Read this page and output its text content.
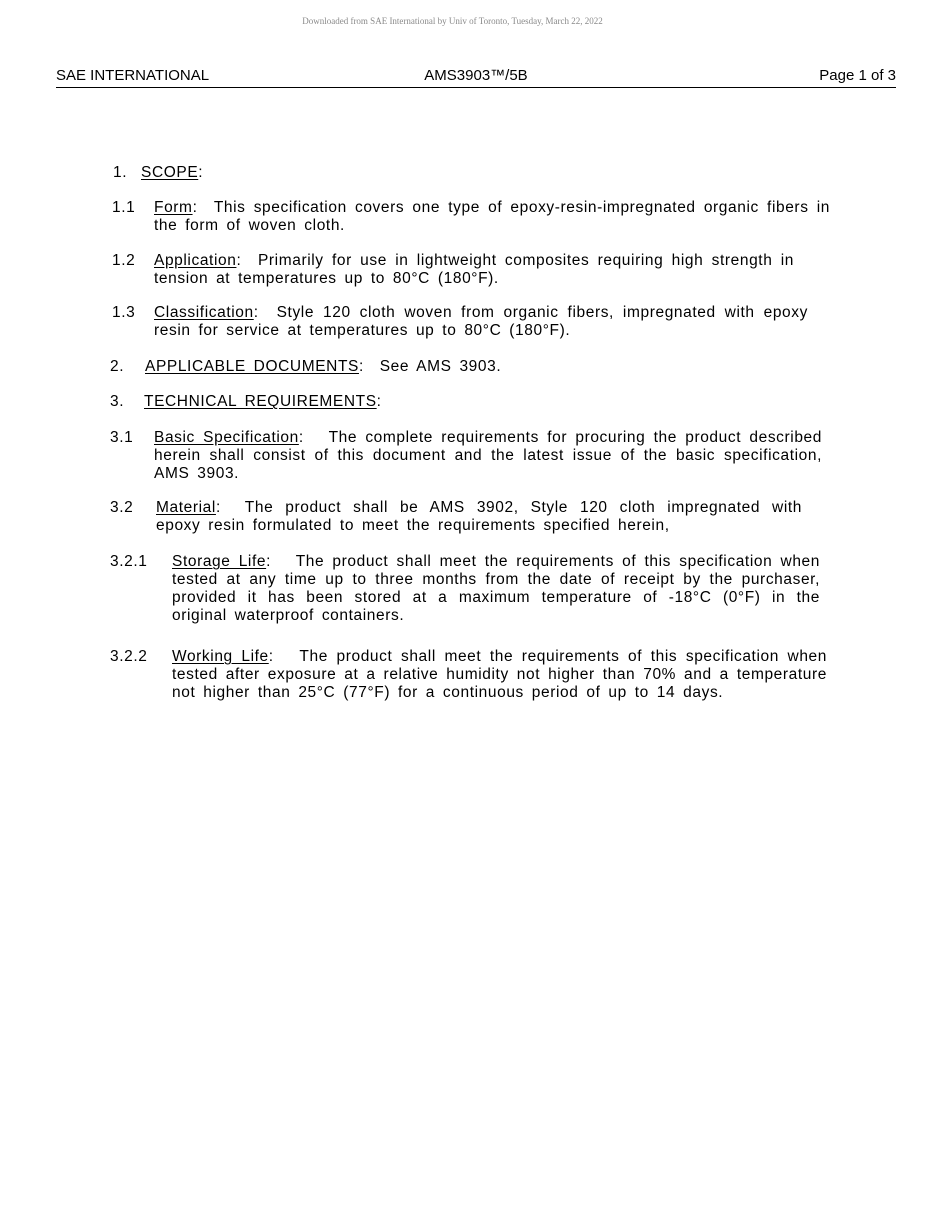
Downloaded from SAE International by Univ of Toronto, Tuesday, March 22, 2022
SAE INTERNATIONAL	AMS3903™/5B	Page 1 of 3
1. SCOPE:
1.1 Form: This specification covers one type of epoxy-resin-impregnated organic fibers in the form of woven cloth.
1.2 Application: Primarily for use in lightweight composites requiring high strength in tension at temperatures up to 80°C (180°F).
1.3 Classification: Style 120 cloth woven from organic fibers, impregnated with epoxy resin for service at temperatures up to 80°C (180°F).
2. APPLICABLE DOCUMENTS: See AMS 3903.
3. TECHNICAL REQUIREMENTS:
3.1 Basic Specification: The complete requirements for procuring the product described herein shall consist of this document and the latest issue of the basic specification, AMS 3903.
3.2 Material: The product shall be AMS 3902, Style 120 cloth impregnated with epoxy resin formulated to meet the requirements specified herein,
3.2.1 Storage Life: The product shall meet the requirements of this specification when tested at any time up to three months from the date of receipt by the purchaser, provided it has been stored at a maximum temperature of -18°C (0°F) in the original waterproof containers.
3.2.2 Working Life: The product shall meet the requirements of this specification when tested after exposure at a relative humidity not higher than 70% and a temperature not higher than 25°C (77°F) for a continuous period of up to 14 days.
